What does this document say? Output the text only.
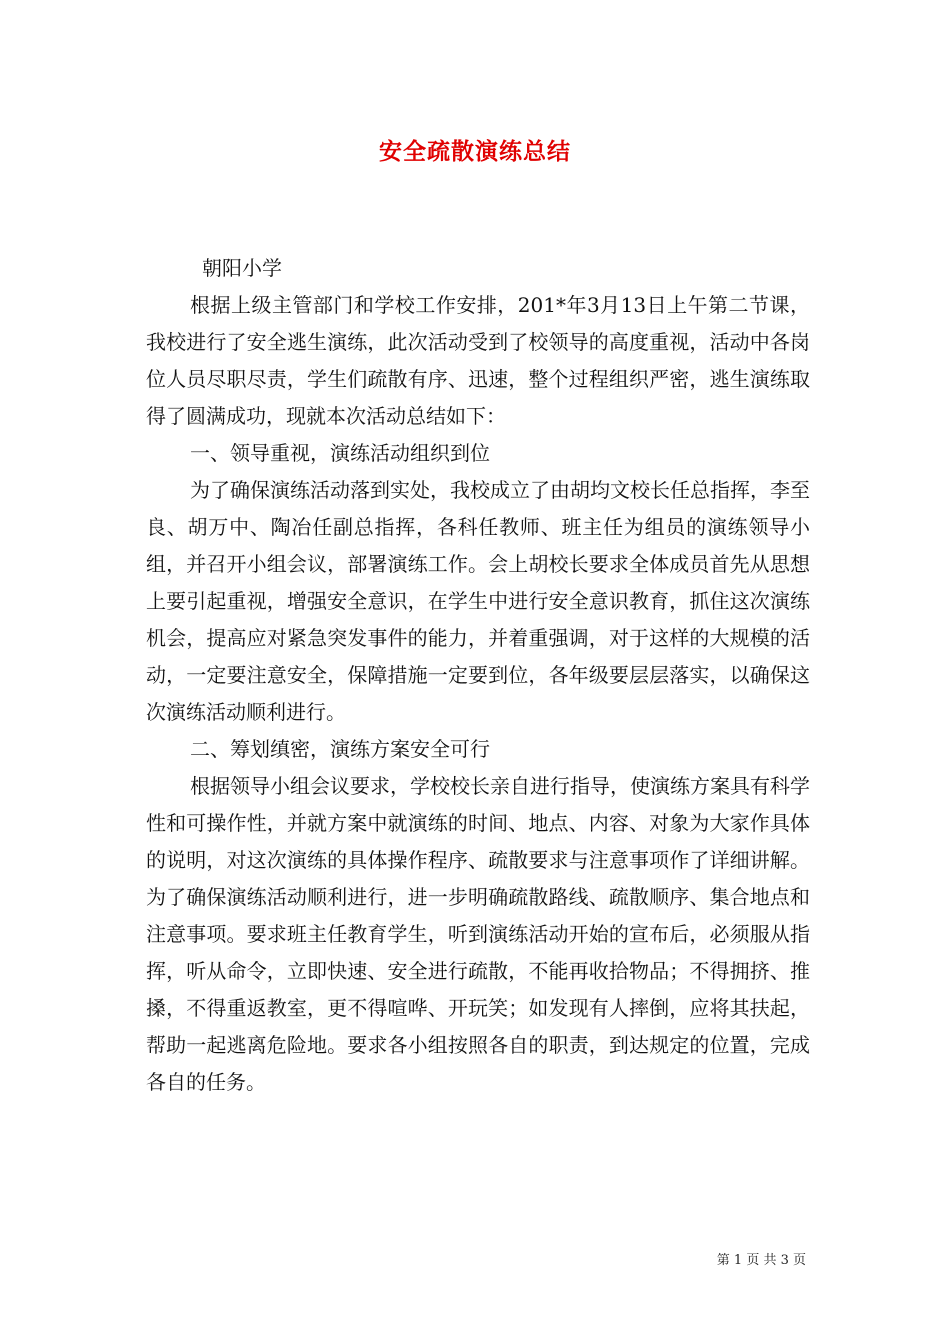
安全疏散演练总结

朝阳小学

根据上级主管部门和学校工作安排，201*年3月13日上午第二节课，我校进行了安全逃生演练，此次活动受到了校领导的高度重视，活动中各岗位人员尽职尽责，学生们疏散有序、迅速，整个过程组织严密，逃生演练取得了圆满成功，现就本次活动总结如下：

一、领导重视，演练活动组织到位

为了确保演练活动落到实处，我校成立了由胡均文校长任总指挥，李至良、胡万中、陶冶任副总指挥，各科任教师、班主任为组员的演练领导小组，并召开小组会议，部署演练工作。会上胡校长要求全体成员首先从思想上要引起重视，增强安全意识，在学生中进行安全意识教育，抓住这次演练机会，提高应对紧急突发事件的能力，并着重强调，对于这样的大规模的活动，一定要注意安全，保障措施一定要到位，各年级要层层落实，以确保这次演练活动顺利进行。

二、筹划缜密，演练方案安全可行

根据领导小组会议要求，学校校长亲自进行指导，使演练方案具有科学性和可操作性，并就方案中就演练的时间、地点、内容、对象为大家作具体的说明，对这次演练的具体操作程序、疏散要求与注意事项作了详细讲解。为了确保演练活动顺利进行，进一步明确疏散路线、疏散顺序、集合地点和注意事项。要求班主任教育学生，听到演练活动开始的宣布后，必须服从指挥，听从命令，立即快速、安全进行疏散，不能再收拾物品；不得拥挤、推搡，不得重返教室，更不得喧哗、开玩笑；如发现有人摔倒，应将其扶起，帮助一起逃离危险地。要求各小组按照各自的职责，到达规定的位置，完成各自的任务。

第 1 页 共 3 页
